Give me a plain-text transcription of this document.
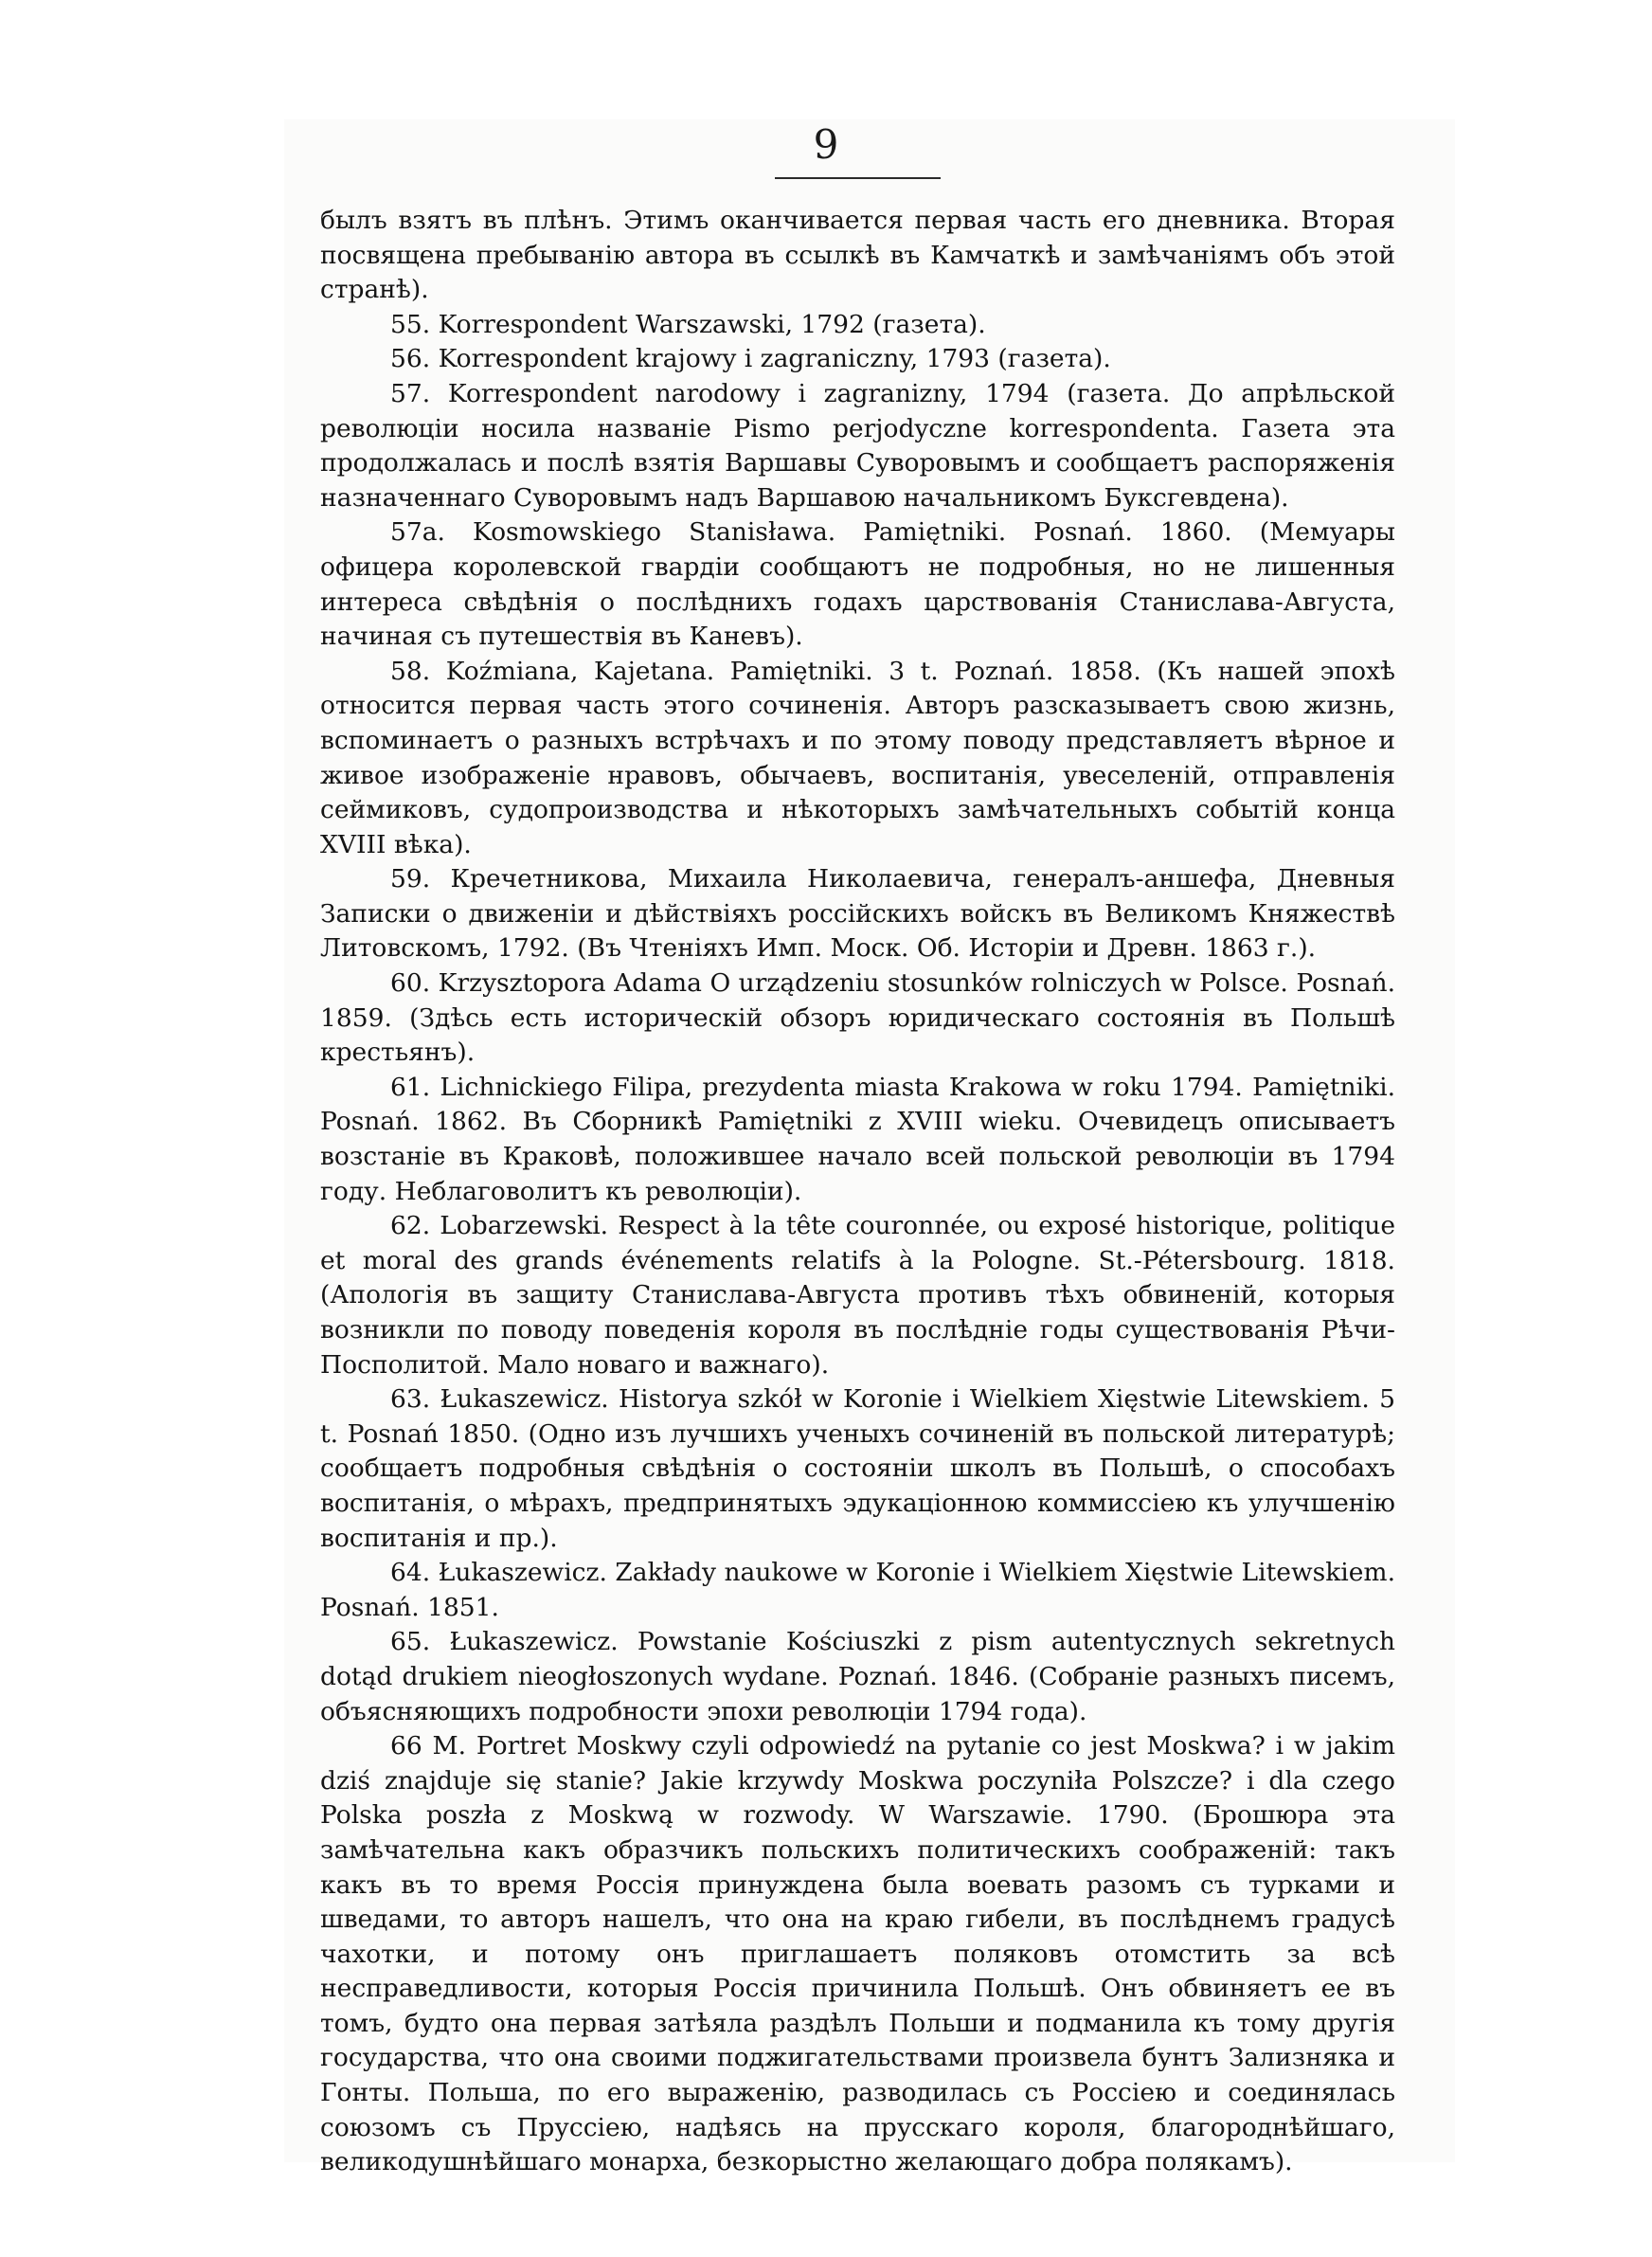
9

былъ взятъ въ плѣнъ. Этимъ оканчивается первая часть его дневника. Вторая посвящена пребыванію автора въ ссылкѣ въ Камчаткѣ и замѣчаніямъ объ этой странѣ).

55. Korrespondent Warszawski, 1792 (газета).

56. Korrespondent krajowy i zagraniczny, 1793 (газета).

57. Korrespondent narodowy i zagranizny, 1794 (газета. До апрѣльской революціи носила названіе Pismo perjodyczne korrespondenta. Газета эта продолжалась и послѣ взятія Варшавы Суворовымъ и сообщаетъ распоряженія назначеннаго Суворовымъ надъ Варшавою начальникомъ Буксгевдена).

57a. Kosmowskiego Stanisława. Pamiętniki. Posnań. 1860. (Мемуары офицера королевской гвардіи сообщаютъ не подробныя, но не лишенныя интереса свѣдѣнія о послѣднихъ годахъ царствованія Станислава-Августа, начиная съ путешествія въ Каневъ).

58. Koźmiana, Kajetana. Pamiętniki. 3 t. Poznań. 1858. (Къ нашей эпохѣ относится первая часть этого сочиненія. Авторъ разсказываетъ свою жизнь, вспоминаетъ о разныхъ встрѣчахъ и по этому поводу представляетъ вѣрное и живое изображеніе нравовъ, обычаевъ, воспитанія, увеселеній, отправленія сеймиковъ, судопроизводства и нѣкоторыхъ замѣчательныхъ событій конца XVIII вѣка).

59. Кречетникова, Михаила Николаевича, генералъ-аншефа, Дневныя Записки о движеніи и дѣйствіяхъ россійскихъ войскъ въ Великомъ Княжествѣ Литовскомъ, 1792. (Въ Чтеніяхъ Имп. Моск. Об. Исторіи и Древн. 1863 г.).

60. Krzysztopora Adama O urządzeniu stosunków rolniczych w Polsce. Posnań. 1859. (Здѣсь есть историческій обзоръ юридическаго состоянія въ Польшѣ крестьянъ).

61. Lichnickiego Filipa, prezydenta miasta Krakowa w roku 1794. Pamiętniki. Posnań. 1862. Въ Сборникѣ Pamiętniki z XVIII wieku. Очевидецъ описываетъ возстаніе въ Краковѣ, положившее начало всей польской революціи въ 1794 году. Неблаговолитъ къ революціи).

62. Lobarzewski. Respect à la tête couronnée, ou exposé historique, politique et moral des grands événements relatifs à la Pologne. St.-Pétersbourg. 1818. (Апологія въ защиту Станислава-Августа противъ тѣхъ обвиненій, которыя возникли по поводу поведенія короля въ послѣдніе годы существованія Рѣчи-Посполитой. Мало новаго и важнаго).

63. Łukaszewicz. Historya szkół w Koronie i Wielkiem Xięstwie Litewskiem. 5 t. Posnań 1850. (Одно изъ лучшихъ ученыхъ сочиненій въ польской литературѣ; сообщаетъ подробныя свѣдѣнія о состояніи школъ въ Польшѣ, о способахъ воспитанія, о мѣрахъ, предпринятыхъ эдукаціонною коммиссіею къ улучшенію воспитанія и пр.).

64. Łukaszewicz. Zakłady naukowe w Koronie i Wielkiem Xięstwie Litewskiem. Posnań. 1851.

65. Łukaszewicz. Powstanie Kościuszki z pism autentycznych sekretnych dotąd drukiem nieogłoszonych wydane. Poznań. 1846. (Собраніе разныхъ писемъ, объясняющихъ подробности эпохи революціи 1794 года).

66 M. Portret Moskwy czyli odpowiedź na pytanie co jest Moskwa? i w jakim dziś znajduje się stanie? Jakie krzywdy Moskwa poczyniła Polszcze? i dla czego Polska poszła z Moskwą w rozwody. W Warszawie. 1790. (Брошюра эта замѣчательна какъ образчикъ польскихъ политическихъ соображеній: такъ какъ въ то время Россія принуждена была воевать разомъ съ турками и шведами, то авторъ нашелъ, что она на краю гибели, въ послѣднемъ градусѣ чахотки, и потому онъ приглашаетъ поляковъ отомстить за всѣ несправедливости, которыя Россія причинила Польшѣ. Онъ обвиняетъ ее въ томъ, будто она первая затѣяла раздѣлъ Польши и подманила къ тому другія государства, что она своими поджигательствами произвела бунтъ Зализняка и Гонты. Польша, по его выраженію, разводилась съ Россіею и соединялась союзомъ съ Пруссіею, надѣясь на прусскаго короля, благороднѣйшаго, великодушнѣйшаго монарха, безкорыстно желающаго добра полякамъ).
